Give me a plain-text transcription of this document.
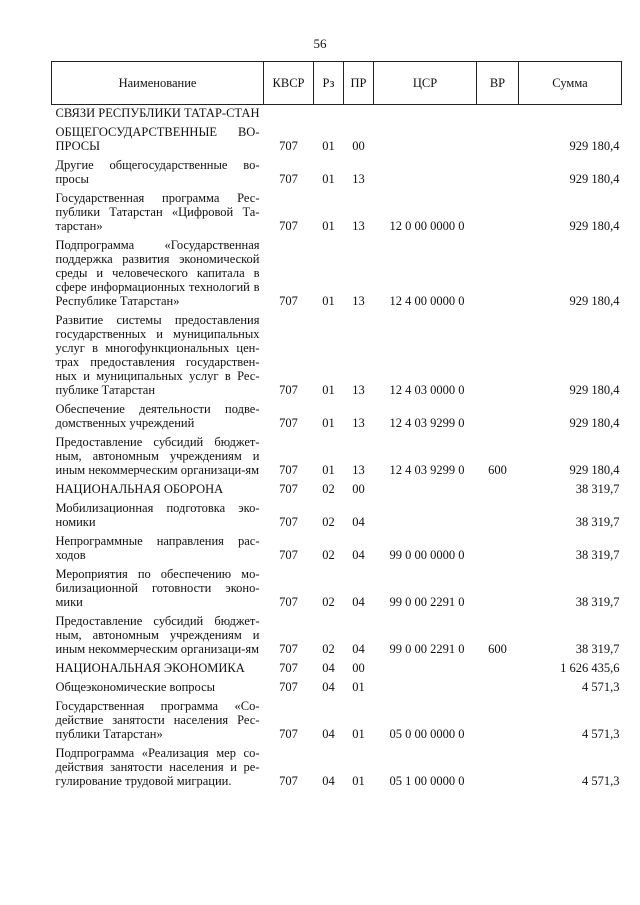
56
Наименование	КВСР	Рз	ПР	ЦСР	ВР	Сумма
СВЯЗИ РЕСПУБЛИКИ ТАТАР-СТАН						
ОБЩЕГОСУДАРСТВЕННЫЕ ВО-ПРОСЫ	707	01	00			929 180,4
Другие общегосударственные во-просы	707	01	13			929 180,4
Государственная программа Рес-публики Татарстан «Цифровой Та-тарстан»	707	01	13	12 0 00 0000 0		929 180,4
Подпрограмма «Государственная поддержка развития экономической среды и человеческого капитала в сфере информационных технологий в Республике Татарстан»	707	01	13	12 4 00 0000 0		929 180,4
Развитие системы предоставления государственных и муниципальных услуг в многофункциональных цен-трах предоставления государствен-ных и муниципальных услуг в Рес-публике Татарстан	707	01	13	12 4 03 0000 0		929 180,4
Обеспечение деятельности подве-домственных учреждений	707	01	13	12 4 03 9299 0		929 180,4
Предоставление субсидий бюджет-ным, автономным учреждениям и иным некоммерческим организаци-ям	707	01	13	12 4 03 9299 0	600	929 180,4
НАЦИОНАЛЬНАЯ ОБОРОНА	707	02	00			38 319,7
Мобилизационная подготовка эко-номики	707	02	04			38 319,7
Непрограммные направления рас-ходов	707	02	04	99 0 00 0000 0		38 319,7
Мероприятия по обеспечению мо-билизационной готовности эконо-мики	707	02	04	99 0 00 2291 0		38 319,7
Предоставление субсидий бюджет-ным, автономным учреждениям и иным некоммерческим организаци-ям	707	02	04	99 0 00 2291 0	600	38 319,7
НАЦИОНАЛЬНАЯ ЭКОНОМИКА	707	04	00			1 626 435,6
Общеэкономические вопросы	707	04	01			4 571,3
Государственная программа «Со-действие занятости населения Рес-публики Татарстан»	707	04	01	05 0 00 0000 0		4 571,3
Подпрограмма «Реализация мер со-действия занятости населения и ре-гулирование трудовой миграции.	707	04	01	05 1 00 0000 0		4 571,3
